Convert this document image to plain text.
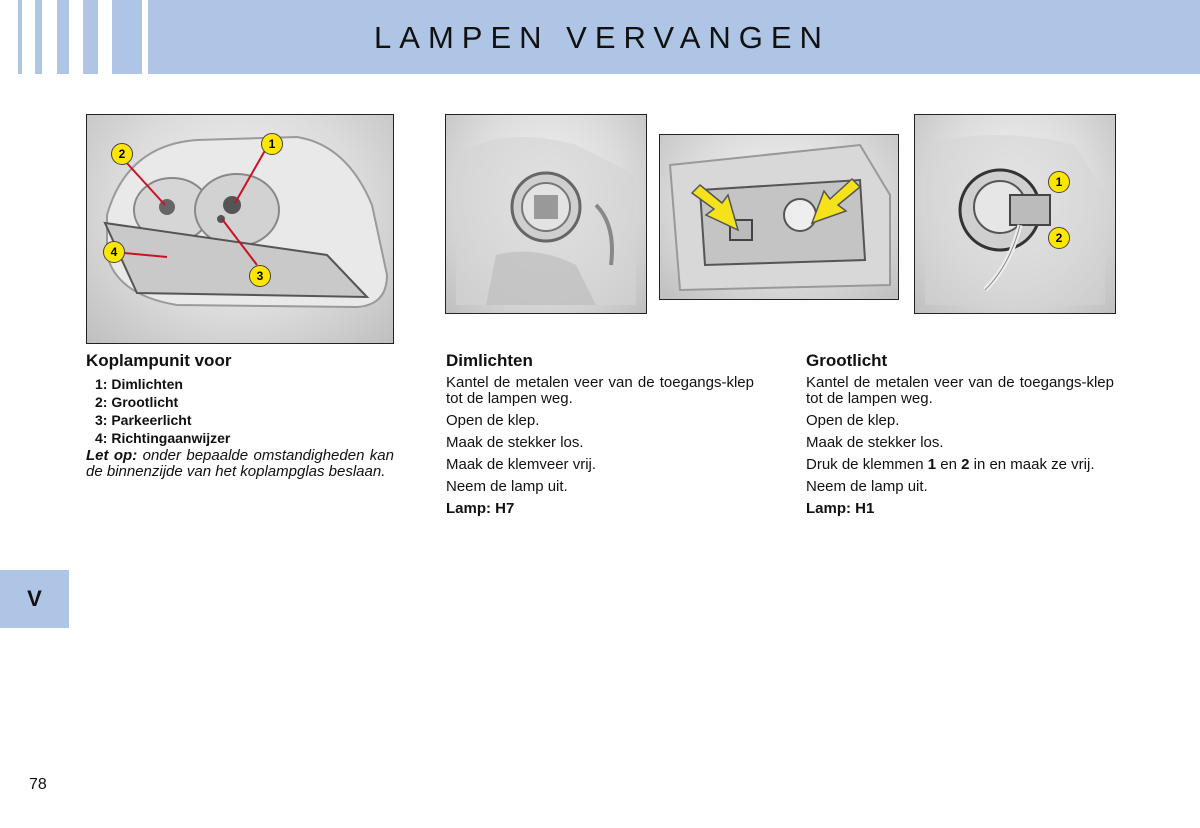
LAMPEN VERVANGEN
V
78
1
2
3
4
1
2
Koplampunit voor
1: Dimlichten
2: Grootlicht
3: Parkeerlicht
4: Richtingaanwijzer
Let op: onder bepaalde omstandigheden kan de binnenzijde van het koplampglas beslaan.
Dimlichten

Kantel de metalen veer van de toegangs-klep tot de lampen weg.

Open de klep.

Maak de stekker los.

Maak de klemveer vrij.

Neem de lamp uit.

Lamp: H7

Grootlicht

Kantel de metalen veer van de toegangs-klep tot de lampen weg.

Open de klep.

Maak de stekker los.

Druk de klemmen 1 en 2 in en maak ze vrij.

Neem de lamp uit.

Lamp: H1
